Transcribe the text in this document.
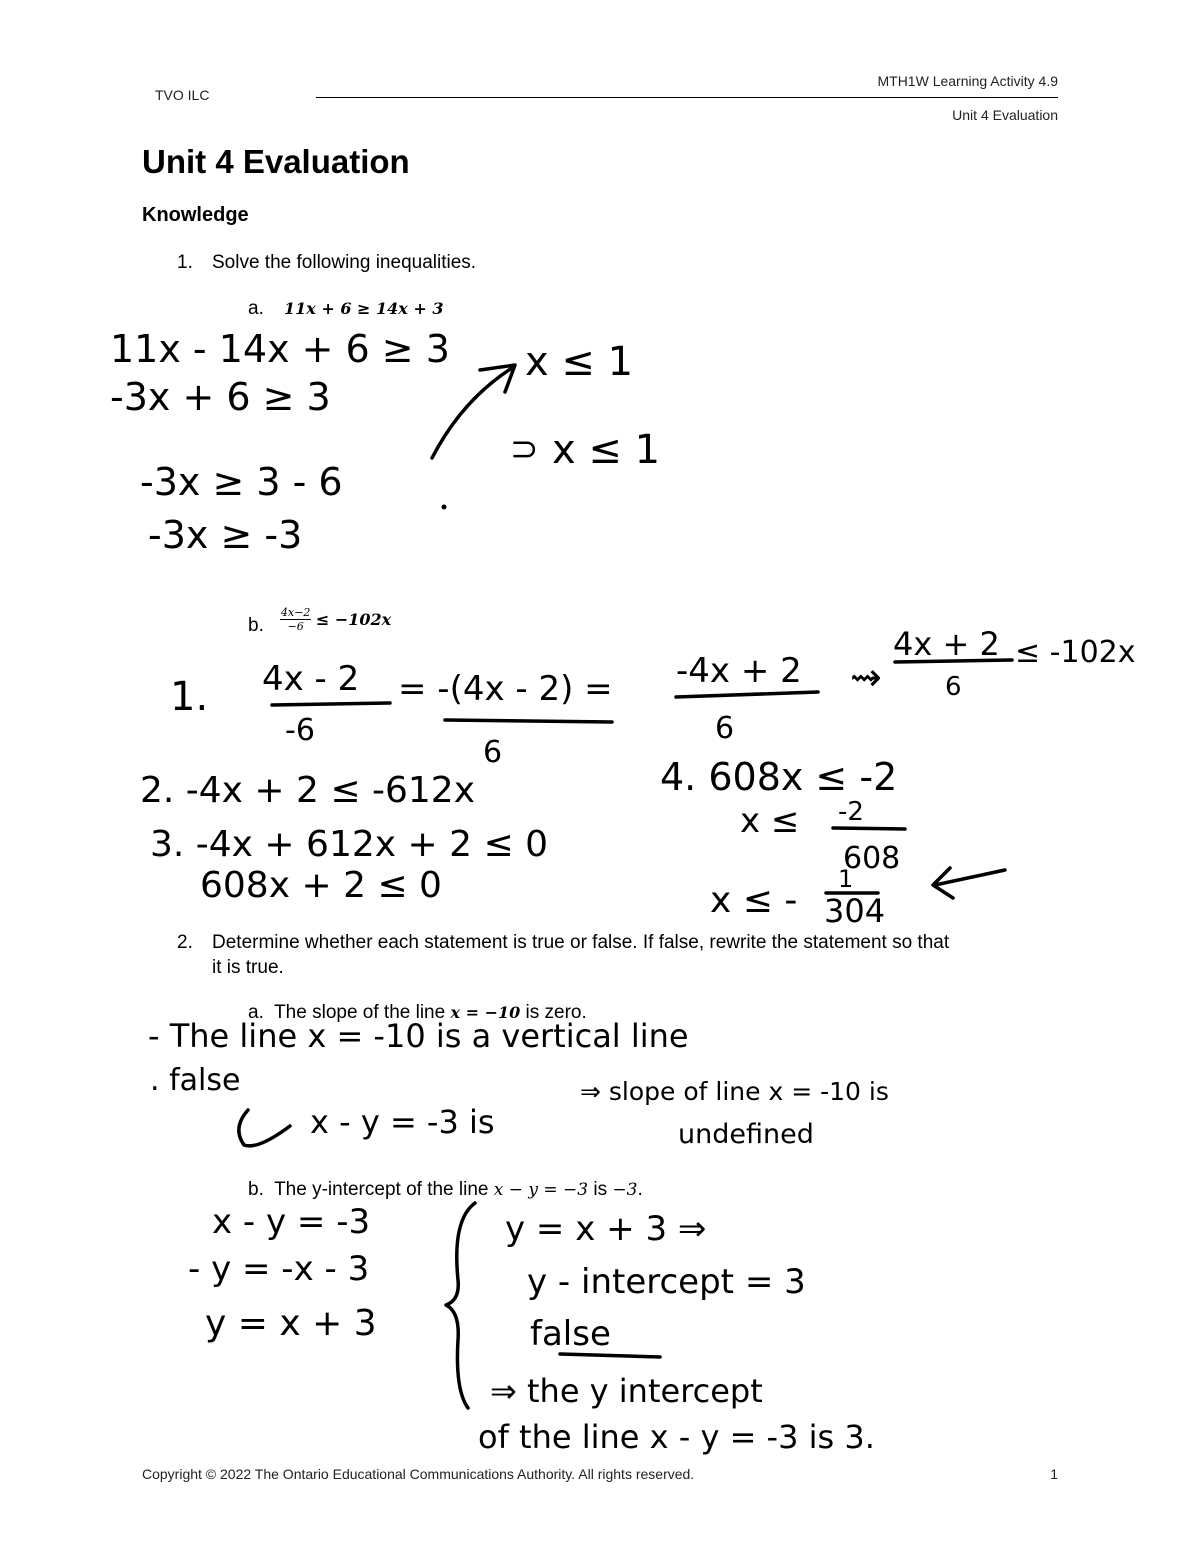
TVO ILC
MTH1W Learning Activity 4.9
Unit 4 Evaluation
Unit 4 Evaluation
Knowledge
1. Solve the following inequalities.
a. 11x + 6 ≥ 14x + 3
b. $\frac{4x-2}{-6} \le -102x$
2. Determine whether each statement is true or false. If false, rewrite the statement so that
it is true.
a. The slope of the line x = −10 is zero.
b. The y-intercept of the line x − y = −3 is −3.
11x - 14x + 6 ≥ 3
-3x + 6 ≥ 3
-3x ≥ 3 - 6
-3x ≥ -3
x ≤ 1
⊃ x ≤ 1
1. 4x - 2
-6
= -(4x - 2) =
6
-4x + 2
6
⇝
4x + 2
6
≤ -102x
2. -4x + 2 ≤ -612x
3. -4x + 612x + 2 ≤ 0
608x + 2 ≤ 0
4. 608x ≤ -2
x ≤ -2
608
x ≤ -
1
304
- The line x = -10 is a vertical line
. false
x - y = -3 is
⇒ slope of line x = -10 is
undefined
x - y = -3
- y = -x - 3
y = x + 3
y = x + 3 ⇒
y - intercept = 3
false
⇒ the y intercept
of the line x - y = -3 is 3.
Copyright © 2022 The Ontario Educational Communications Authority. All rights reserved.	1
